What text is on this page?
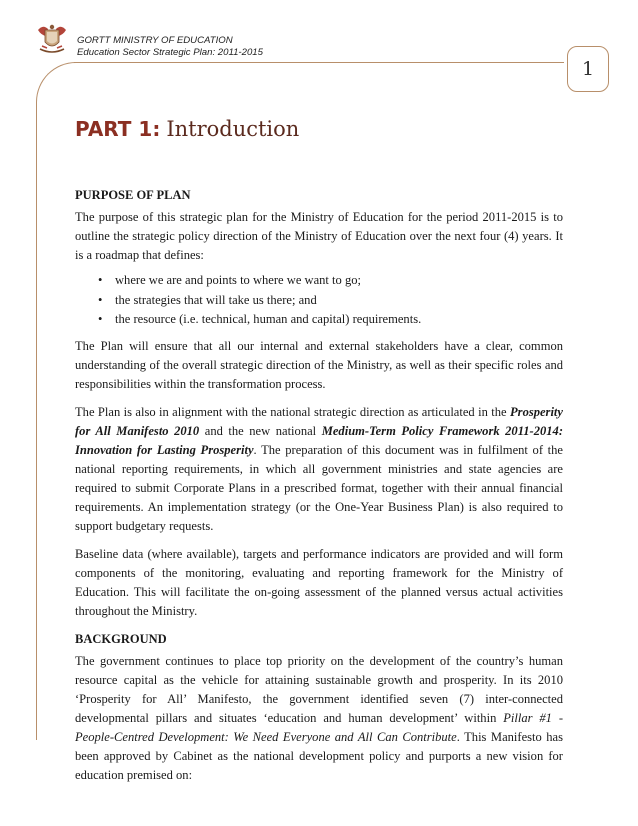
GORTT MINISTRY OF EDUCATION
Education Sector Strategic Plan: 2011-2015
1
PART 1: Introduction
PURPOSE OF PLAN

The purpose of this strategic plan for the Ministry of Education for the period 2011-2015 is to outline the strategic policy direction of the Ministry of Education over the next four (4) years. It is a roadmap that defines:

• where we are and points to where we want to go;
• the strategies that will take us there; and
• the resource (i.e. technical, human and capital) requirements.

The Plan will ensure that all our internal and external stakeholders have a clear, common understanding of the overall strategic direction of the Ministry, as well as their specific roles and responsibilities within the transformation process.

The Plan is also in alignment with the national strategic direction as articulated in the Prosperity for All Manifesto 2010 and the new national Medium-Term Policy Framework 2011-2014: Innovation for Lasting Prosperity. The preparation of this document was in fulfilment of the national reporting requirements, in which all government ministries and state agencies are required to submit Corporate Plans in a prescribed format, together with their annual financial requirements. An implementation strategy (or the One-Year Business Plan) is also required to support budgetary requests.

Baseline data (where available), targets and performance indicators are provided and will form components of the monitoring, evaluating and reporting framework for the Ministry of Education. This will facilitate the on-going assessment of the planned versus actual activities throughout the Ministry.

BACKGROUND

The government continues to place top priority on the development of the country’s human resource capital as the vehicle for attaining sustainable growth and prosperity. In its 2010 ‘Prosperity for All’ Manifesto, the government identified seven (7) inter-connected developmental pillars and situates ‘education and human development’ within Pillar #1 - People-Centred Development: We Need Everyone and All Can Contribute. This Manifesto has been approved by Cabinet as the national development policy and purports a new vision for education premised on:
